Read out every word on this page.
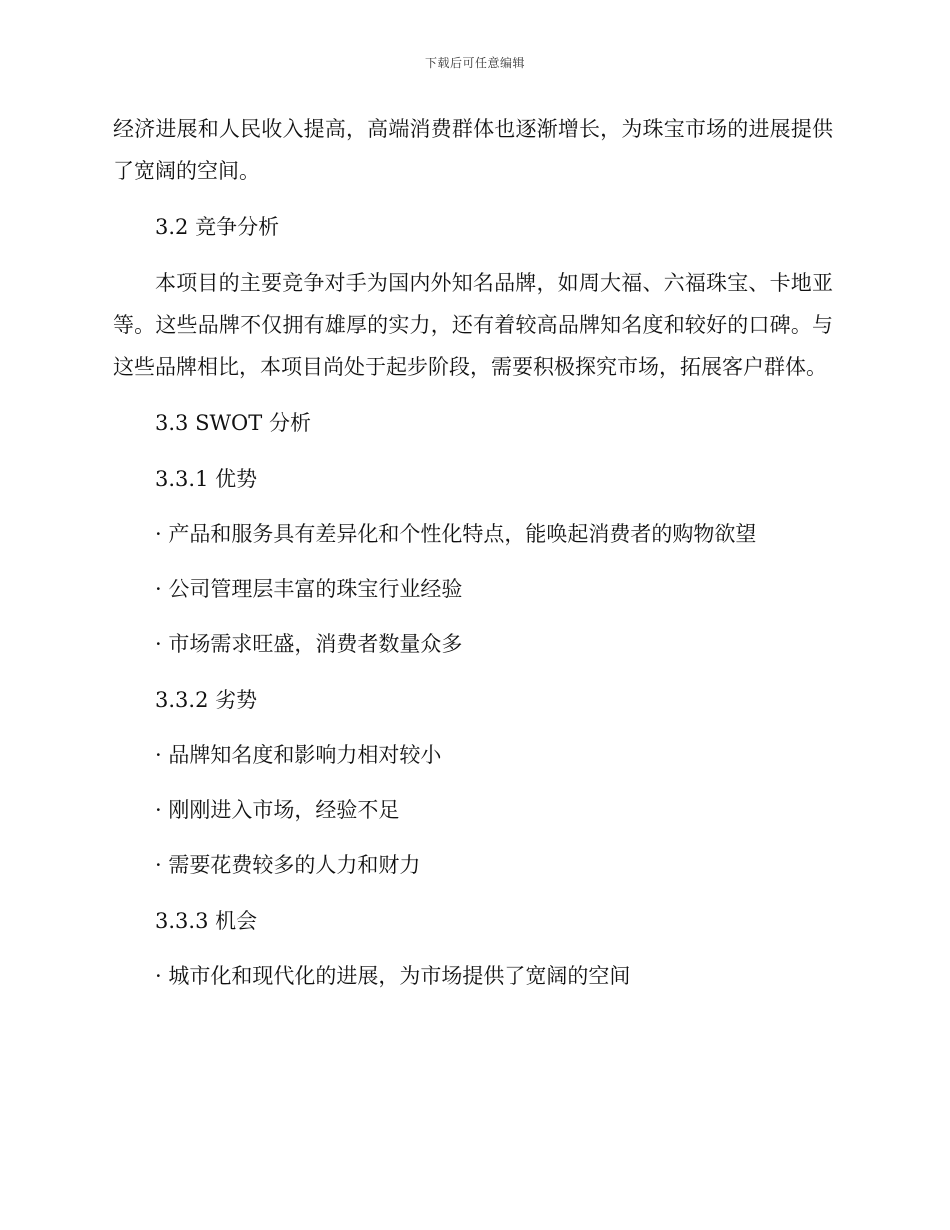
下载后可任意编辑

经济进展和人民收入提高，高端消费群体也逐渐增长，为珠宝市场的进展提供了宽阔的空间。

3.2 竞争分析

本项目的主要竞争对手为国内外知名品牌，如周大福、六福珠宝、卡地亚等。这些品牌不仅拥有雄厚的实力，还有着较高品牌知名度和较好的口碑。与这些品牌相比，本项目尚处于起步阶段，需要积极探究市场，拓展客户群体。

3.3 SWOT 分析
3.3.1 优势
· 产品和服务具有差异化和个性化特点，能唤起消费者的购物欲望
· 公司管理层丰富的珠宝行业经验
· 市场需求旺盛，消费者数量众多
3.3.2 劣势
· 品牌知名度和影响力相对较小
· 刚刚进入市场，经验不足
· 需要花费较多的人力和财力
3.3.3 机会
· 城市化和现代化的进展，为市场提供了宽阔的空间
